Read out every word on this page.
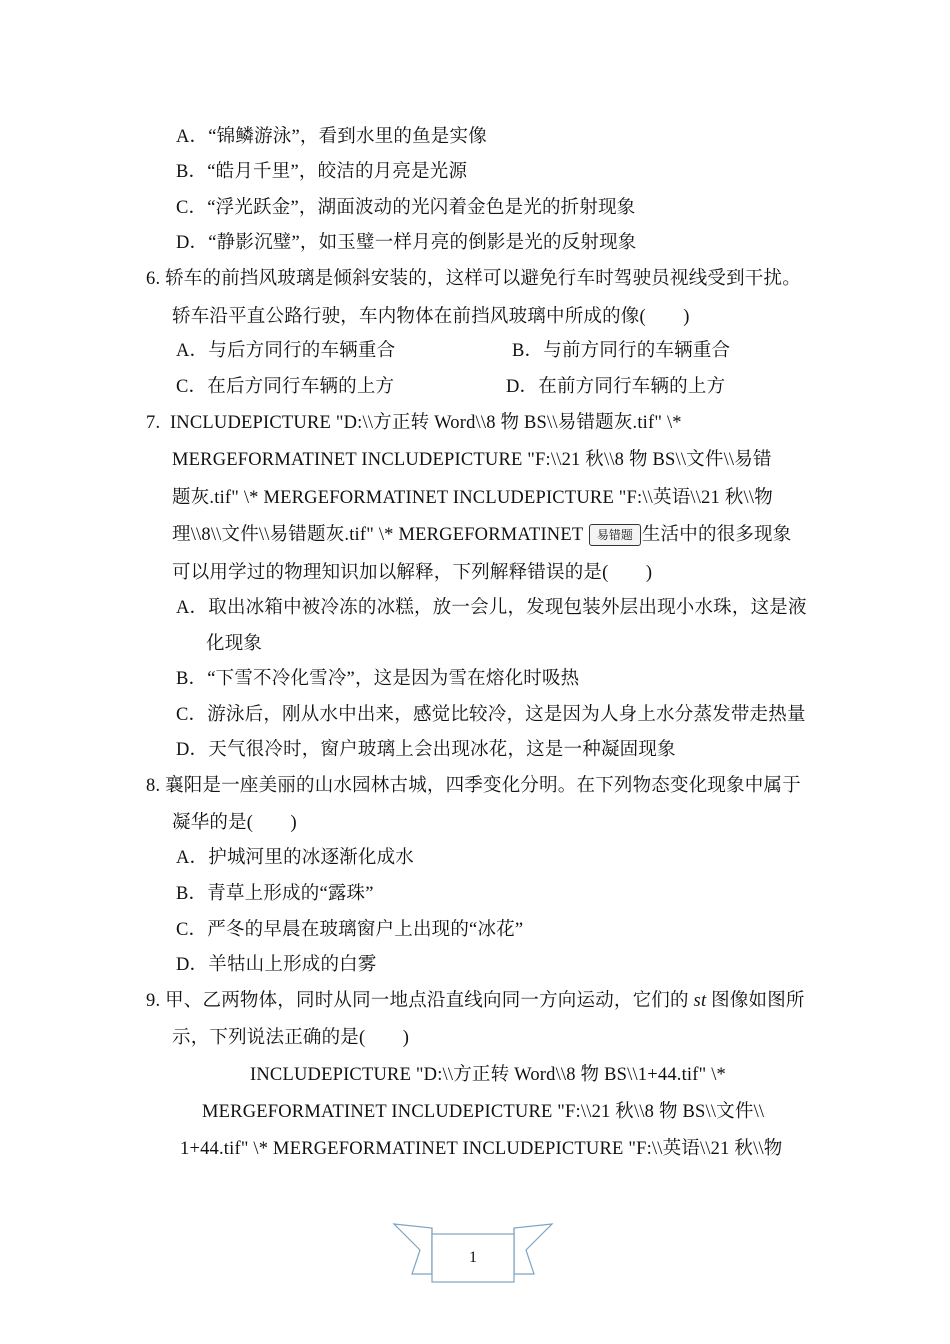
A．“锦鳞游泳”，看到水里的鱼是实像
B．“皓月千里”，皎洁的月亮是光源
C．“浮光跃金”，湖面波动的光闪着金色是光的折射现象
D．“静影沉璧”，如玉璧一样月亮的倒影是光的反射现象
6. 轿车的前挡风玻璃是倾斜安装的，这样可以避免行车时驾驶员视线受到干扰。
轿车沿平直公路行驶，车内物体在前挡风玻璃中所成的像(　　)
A．与后方同行的车辆重合	B．与前方同行的车辆重合
C．在后方同行车辆的上方	D．在前方同行车辆的上方
7. INCLUDEPICTURE "D:\\方正转 Word\\8 物 BS\\易错题灰.tif" \*
MERGEFORMATINET INCLUDEPICTURE "F:\\21 秋\\8 物 BS\\文件\\易错
题灰.tif" \* MERGEFORMATINET INCLUDEPICTURE "F:\\英语\\21 秋\\物
理\\8\\文件\\易错题灰.tif" \* MERGEFORMATINET 易错题 生活中的很多现象
可以用学过的物理知识加以解释，下列解释错误的是(　　)
A．取出冰箱中被冷冻的冰糕，放一会儿，发现包装外层出现小水珠，这是液
化现象
B．“下雪不冷化雪冷”，这是因为雪在熔化时吸热
C．游泳后，刚从水中出来，感觉比较冷，这是因为人身上水分蒸发带走热量
D．天气很冷时，窗户玻璃上会出现冰花，这是一种凝固现象
8. 襄阳是一座美丽的山水园林古城，四季变化分明。在下列物态变化现象中属于
凝华的是(　　)
A．护城河里的冰逐渐化成水
B．青草上形成的“露珠”
C．严冬的早晨在玻璃窗户上出现的“冰花”
D．羊牯山上形成的白雾
9. 甲、乙两物体，同时从同一地点沿直线向同一方向运动，它们的 st 图像如图所
示，下列说法正确的是(　　)
INCLUDEPICTURE "D:\\方正转 Word\\8 物 BS\\1+44.tif" \*
MERGEFORMATINET INCLUDEPICTURE "F:\\21 秋\\8 物 BS\\文件\\
1+44.tif" \* MERGEFORMATINET INCLUDEPICTURE "F:\\英语\\21 秋\\物
1
